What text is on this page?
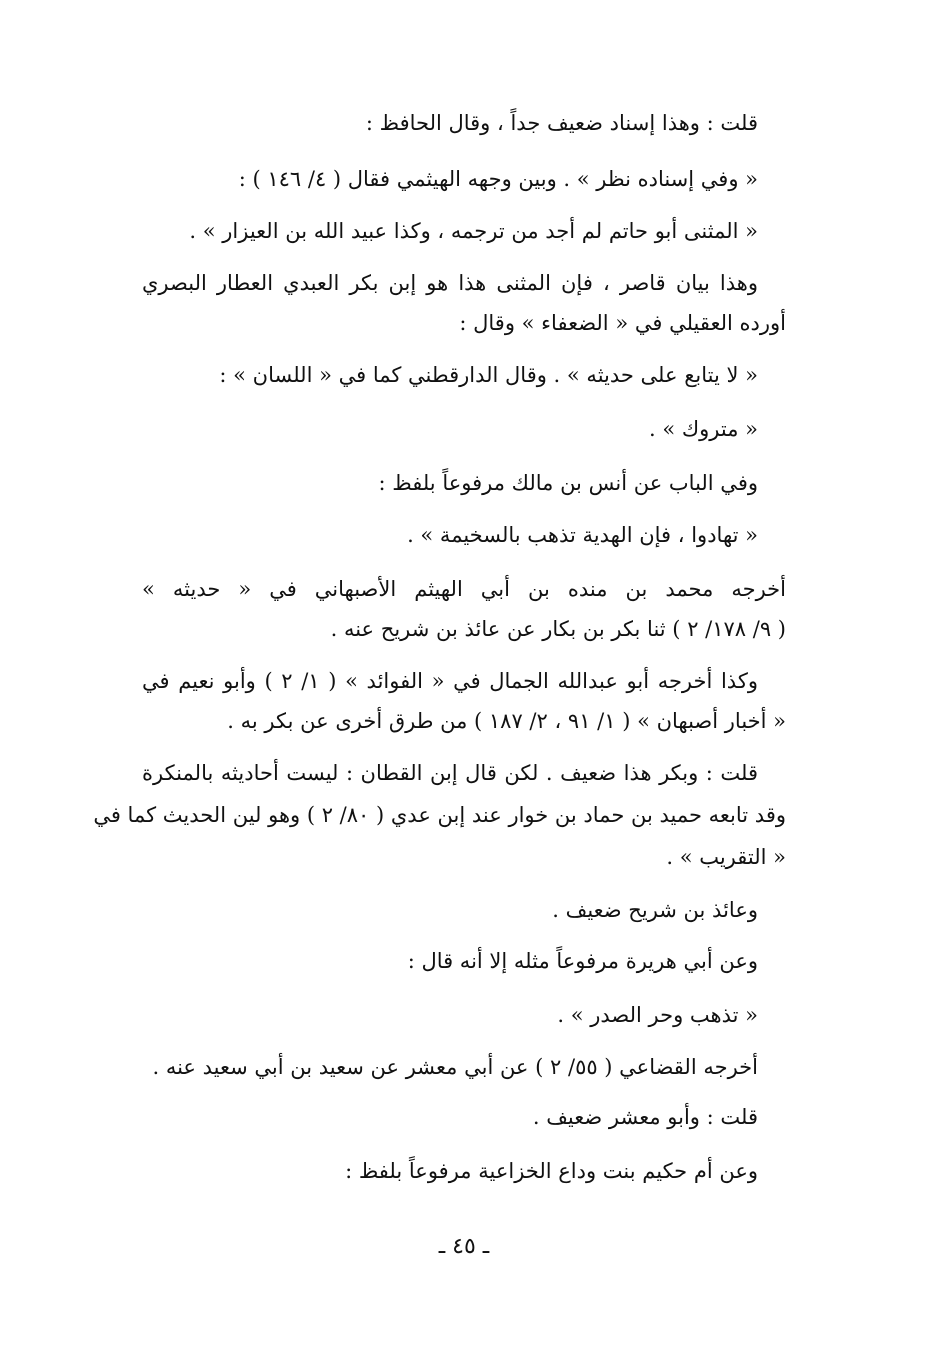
قلت : وهذا إسناد ضعيف جداً ، وقال الحافظ :
« وفي إسناده نظر » . وبين وجهه الهيثمي فقال ( ٤/ ١٤٦ ) :
« المثنى أبو حاتم لم أجد من ترجمه ، وكذا عبيد الله بن العيزار » .
وهذا بيان قاصر ، فإن المثنى هذا هو إبن بكر العبدي العطار البصري
أورده العقيلي في « الضعفاء » وقال :
« لا يتابع على حديثه » . وقال الدارقطني كما في « اللسان » :
« متروك » .
وفي الباب عن أنس بن مالك مرفوعاً بلفظ :
« تهادوا ، فإن الهدية تذهب بالسخيمة » .
أخرجه محمد بن منده بن أبي الهيثم الأصبهاني في « حديثه »
( ٩/ ١٧٨/ ٢ ) ثنا بكر بن بكار عن عائذ بن شريح عنه .
وكذا أخرجه أبو عبدالله الجمال في « الفوائد » ( ١/ ٢ ) وأبو نعيم في
« أخبار أصبهان » ( ١/ ٩١ ، ٢/ ١٨٧ ) من طرق أخرى عن بكر به .
قلت : وبكر هذا ضعيف . لكن قال إبن القطان : ليست أحاديثه بالمنكرة
وقد تابعه حميد بن حماد بن خوار عند إبن عدي ( ٨٠/ ٢ ) وهو لين الحديث كما في
« التقريب » .
وعائذ بن شريح ضعيف .
وعن أبي هريرة مرفوعاً مثله إلا أنه قال :
« تذهب وحر الصدر » .
أخرجه القضاعي ( ٥٥/ ٢ ) عن أبي معشر عن سعيد بن أبي سعيد عنه .
قلت : وأبو معشر ضعيف .
وعن أم حكيم بنت وداع الخزاعية مرفوعاً بلفظ :
ـ ٤٥ ـ
